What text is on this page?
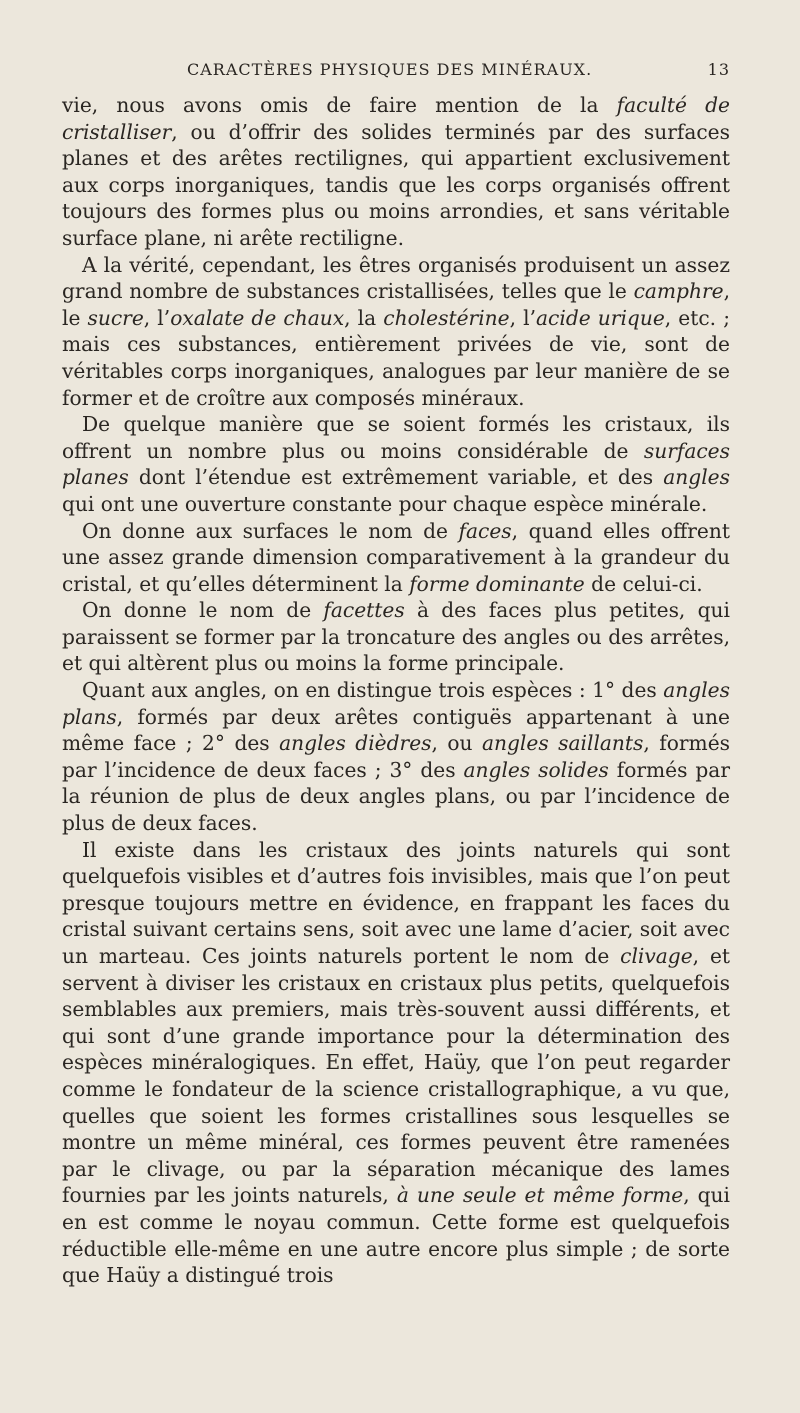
CARACTÈRES PHYSIQUES DES MINÉRAUX.	13

vie, nous avons omis de faire mention de la faculté de cristalliser, ou d’offrir des solides terminés par des surfaces planes et des arêtes rectilignes, qui appartient exclusivement aux corps inorganiques, tandis que les corps organisés offrent toujours des formes plus ou moins arrondies, et sans véritable surface plane, ni arête rectiligne.

A la vérité, cependant, les êtres organisés produisent un assez grand nombre de substances cristallisées, telles que le camphre, le sucre, l’oxalate de chaux, la cholestérine, l’acide urique, etc. ; mais ces substances, entièrement privées de vie, sont de véritables corps inorganiques, analogues par leur manière de se former et de croître aux composés minéraux.

De quelque manière que se soient formés les cristaux, ils offrent un nombre plus ou moins considérable de surfaces planes dont l’étendue est extrêmement variable, et des angles qui ont une ouverture constante pour chaque espèce minérale.

On donne aux surfaces le nom de faces, quand elles offrent une assez grande dimension comparativement à la grandeur du cristal, et qu’elles déterminent la forme dominante de celui-ci.

On donne le nom de facettes à des faces plus petites, qui paraissent se former par la troncature des angles ou des arrêtes, et qui altèrent plus ou moins la forme principale.

Quant aux angles, on en distingue trois espèces : 1° des angles plans, formés par deux arêtes contiguës appartenant à une même face ; 2° des angles dièdres, ou angles saillants, formés par l’incidence de deux faces ; 3° des angles solides formés par la réunion de plus de deux angles plans, ou par l’incidence de plus de deux faces.

Il existe dans les cristaux des joints naturels qui sont quelquefois visibles et d’autres fois invisibles, mais que l’on peut presque toujours mettre en évidence, en frappant les faces du cristal suivant certains sens, soit avec une lame d’acier, soit avec un marteau. Ces joints naturels portent le nom de clivage, et servent à diviser les cristaux en cristaux plus petits, quelquefois semblables aux premiers, mais très-souvent aussi différents, et qui sont d’une grande importance pour la détermination des espèces minéralogiques. En effet, Haüy, que l’on peut regarder comme le fondateur de la science cristallographique, a vu que, quelles que soient les formes cristallines sous lesquelles se montre un même minéral, ces formes peuvent être ramenées par le clivage, ou par la séparation mécanique des lames fournies par les joints naturels, à une seule et même forme, qui en est comme le noyau commun. Cette forme est quelquefois réductible elle-même en une autre encore plus simple ; de sorte que Haüy a distingué trois
